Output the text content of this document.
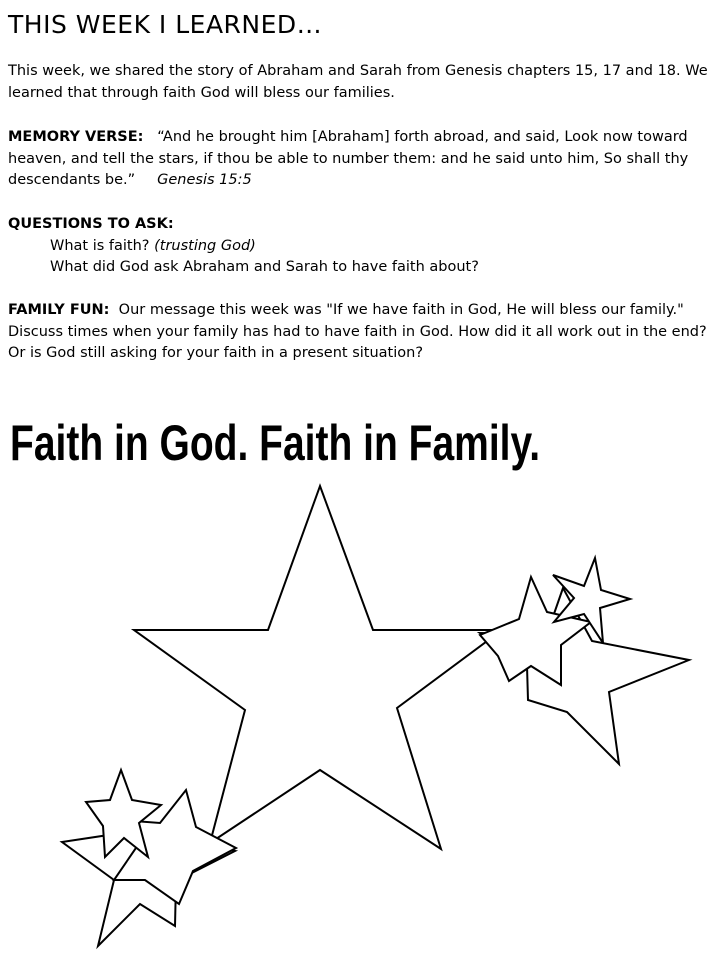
THIS WEEK I LEARNED…

This week, we shared the story of Abraham and Sarah from Genesis chapters 15, 17 and 18. We learned that through faith God will bless our families.

MEMORY VERSE: “And he brought him [Abraham] forth abroad, and said, Look now toward heaven, and tell the stars, if thou be able to number them: and he said unto him, So shall thy descendants be.” Genesis 15:5

QUESTIONS TO ASK:
What is faith? (trusting God)
What did God ask Abraham and Sarah to have faith about?

FAMILY FUN: Our message this week was "If we have faith in God, He will bless our family." Discuss times when your family has had to have faith in God. How did it all work out in the end? Or is God still asking for your faith in a present situation?

Faith in God. Faith in Family.
